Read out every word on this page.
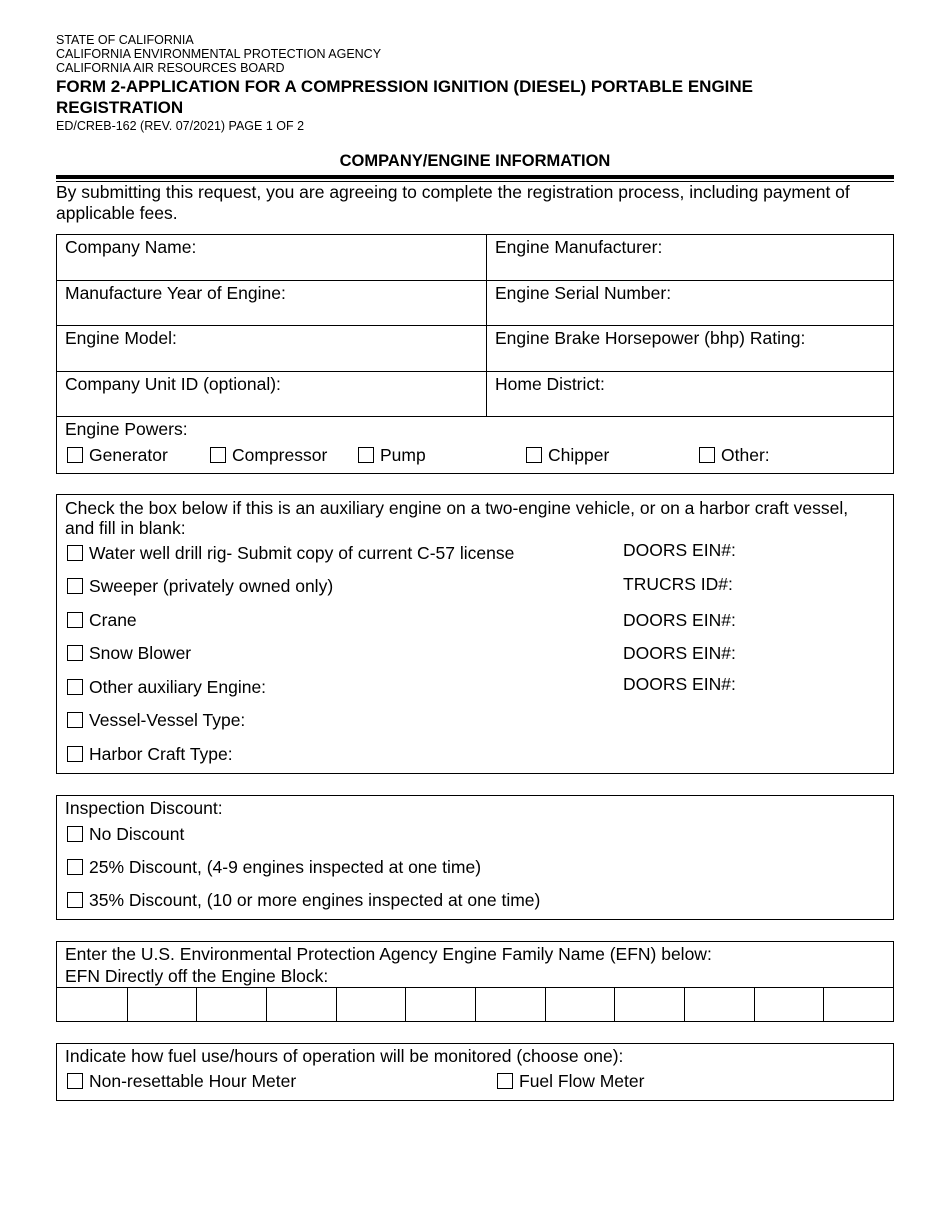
STATE OF CALIFORNIA
CALIFORNIA ENVIRONMENTAL PROTECTION AGENCY
CALIFORNIA AIR RESOURCES BOARD
FORM 2-APPLICATION FOR A COMPRESSION IGNITION (DIESEL) PORTABLE ENGINE
REGISTRATION
ED/CREB-162 (REV. 07/2021) PAGE 1 OF 2
COMPANY/ENGINE INFORMATION
By submitting this request, you are agreeing to complete the registration process, including payment of applicable fees.
Company Name:	Engine Manufacturer:
Manufacture Year of Engine:	Engine Serial Number:
Engine Model:	Engine Brake Horsepower (bhp) Rating:
Company Unit ID (optional):	Home District:
Engine Powers:
Generator	Compressor	Pump	Chipper	Other:
Check the box below if this is an auxiliary engine on a two-engine vehicle, or on a harbor craft vessel, and fill in blank:
Water well drill rig- Submit copy of current C-57 license	DOORS EIN#:
Sweeper (privately owned only)	TRUCRS ID#:
Crane	DOORS EIN#:
Snow Blower	DOORS EIN#:
Other auxiliary Engine:	DOORS EIN#:
Vessel-Vessel Type:
Harbor Craft Type:
Inspection Discount:
No Discount
25% Discount, (4-9 engines inspected at one time)
35% Discount, (10 or more engines inspected at one time)
Enter the U.S. Environmental Protection Agency Engine Family Name (EFN) below:
EFN Directly off the Engine Block:
Indicate how fuel use/hours of operation will be monitored (choose one):
Non-resettable Hour Meter	Fuel Flow Meter
